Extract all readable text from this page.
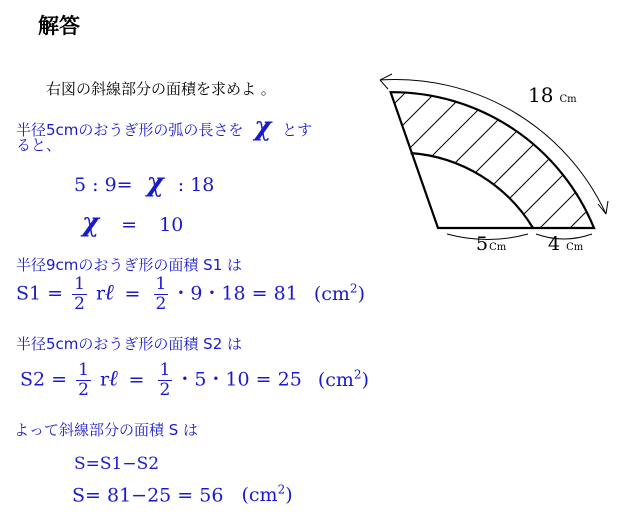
解答
右図の斜線部分の面積を求めよ 。
半径5cmのおうぎ形の弧の長さを χ とす
ると、
5 : 9= χ : 18
χ = 10
半径9cmのおうぎ形の面積 S1 は
$S1 = \frac{1}{2}$ rℓ = $\frac{1}{2}$ ・9・18 = 81 $(cm^2)$
半径5cmのおうぎ形の面積 S2 は
$S2 = \frac{1}{2}$ rℓ = $\frac{1}{2}$ ・5・10 = 25 $(cm^2)$
よって斜線部分の面積 S は
S=S1−S2
S= 81−25 = 56 $(cm^2)$
18 Cm
5Cm 4 Cm
